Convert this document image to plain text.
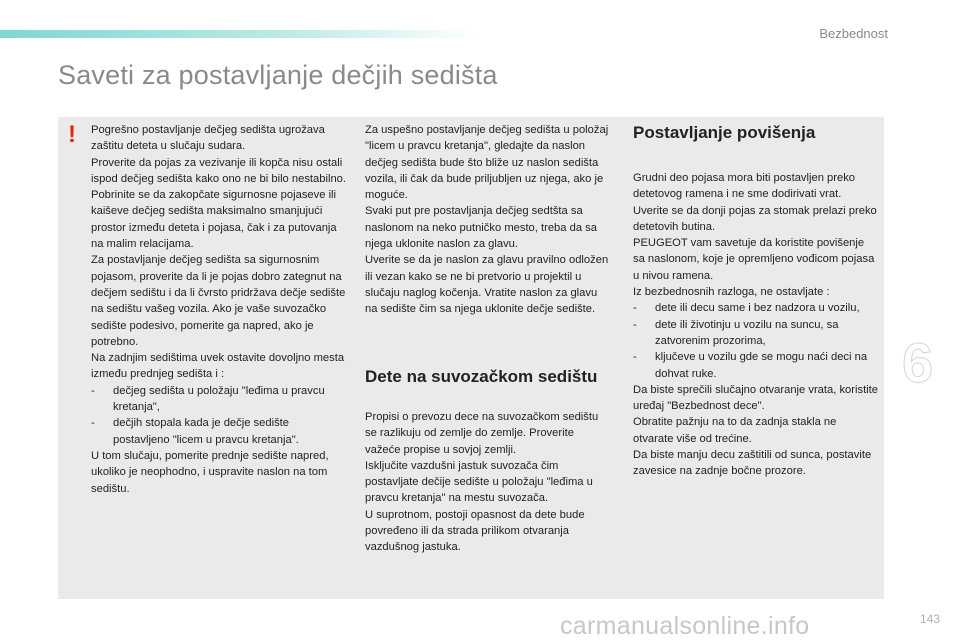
Bezbednost
Saveti za postavljanje dečjih sedišta
! Pogrešno postavljanje dečjeg sedišta ugrožava zaštitu deteta u slučaju sudara.

Proverite da pojas za vezivanje ili kopča nisu ostali ispod dečjeg sedišta kako ono ne bi bilo nestabilno.

Pobrinite se da zakopčate sigurnosne pojaseve ili kaiševe dečjeg sedišta maksimalno smanjujući prostor između deteta i pojasa, čak i za putovanja na malim relacijama.

Za postavljanje dečjeg sedišta sa sigurnosnim pojasom, proverite da li je pojas dobro zategnut na dečjem sedištu i da li čvrsto pridržava dečje sedište na sedištu vašeg vozila. Ako je vaše suvozačko sedište podesivo, pomerite ga napred, ako je potrebno.

Na zadnjim sedištima uvek ostavite dovoljno mesta između prednjeg sedišta i :

- dečjeg sedišta u položaju "leđima u pravcu kretanja",
- dečjih stopala kada je dečje sedište postavljeno "licem u pravcu kretanja".

U tom slučaju, pomerite prednje sedište napred, ukoliko je neophodno, i uspravite naslon na tom sedištu.

Za uspešno postavljanje dečjeg sedišta u položaj "licem u pravcu kretanja", gledajte da naslon dečjeg sedišta bude što bliže uz naslon sedišta vozila, ili čak da bude priljubljen uz njega, ako je moguće.

Svaki put pre postavljanja dečjeg sedtšta sa naslonom na neko putničko mesto, treba da sa njega uklonite naslon za glavu.

Uverite se da je naslon za glavu pravilno odložen ili vezan kako se ne bi pretvorio u projektil u slučaju naglog kočenja. Vratite naslon za glavu na sedište čim sa njega uklonite dečje sedište.

Dete na suvozačkom sedištu

Propisi o prevozu dece na suvozačkom sedištu se razlikuju od zemlje do zemlje. Proverite važeće propise u sovjoj zemlji.

Isključite vazdušni jastuk suvozača čim postavljate dečije sedište u položaju "leđima u pravcu kretanja" na mestu suvozača.

U suprotnom, postoji opasnost da dete bude povređeno ili da strada prilikom otvaranja vazdušnog jastuka.

Postavljanje povišenja

Grudni deo pojasa mora biti postavljen preko detetovog ramena i ne sme dodirivati vrat.

Uverite se da donji pojas za stomak prelazi preko detetovih butina.

PEUGEOT vam savetuje da koristite povišenje sa naslonom, koje je opremljeno vođicom pojasa u nivou ramena.

Iz bezbednosnih razloga, ne ostavljate :

- dete ili decu same i bez nadzora u vozilu,
- dete ili životinju u vozilu na suncu, sa zatvorenim prozorima,
- ključeve u vozilu gde se mogu naći deci na dohvat ruke.

Da biste sprečili slučajno otvaranje vrata, koristite uređaj "Bezbednost dece".

Obratite pažnju na to da zadnja stakla ne otvarate više od trećine.

Da biste manju decu zaštitili od sunca, postavite zavesice na zadnje bočne prozore.

6
carmanualsonline.info	143
